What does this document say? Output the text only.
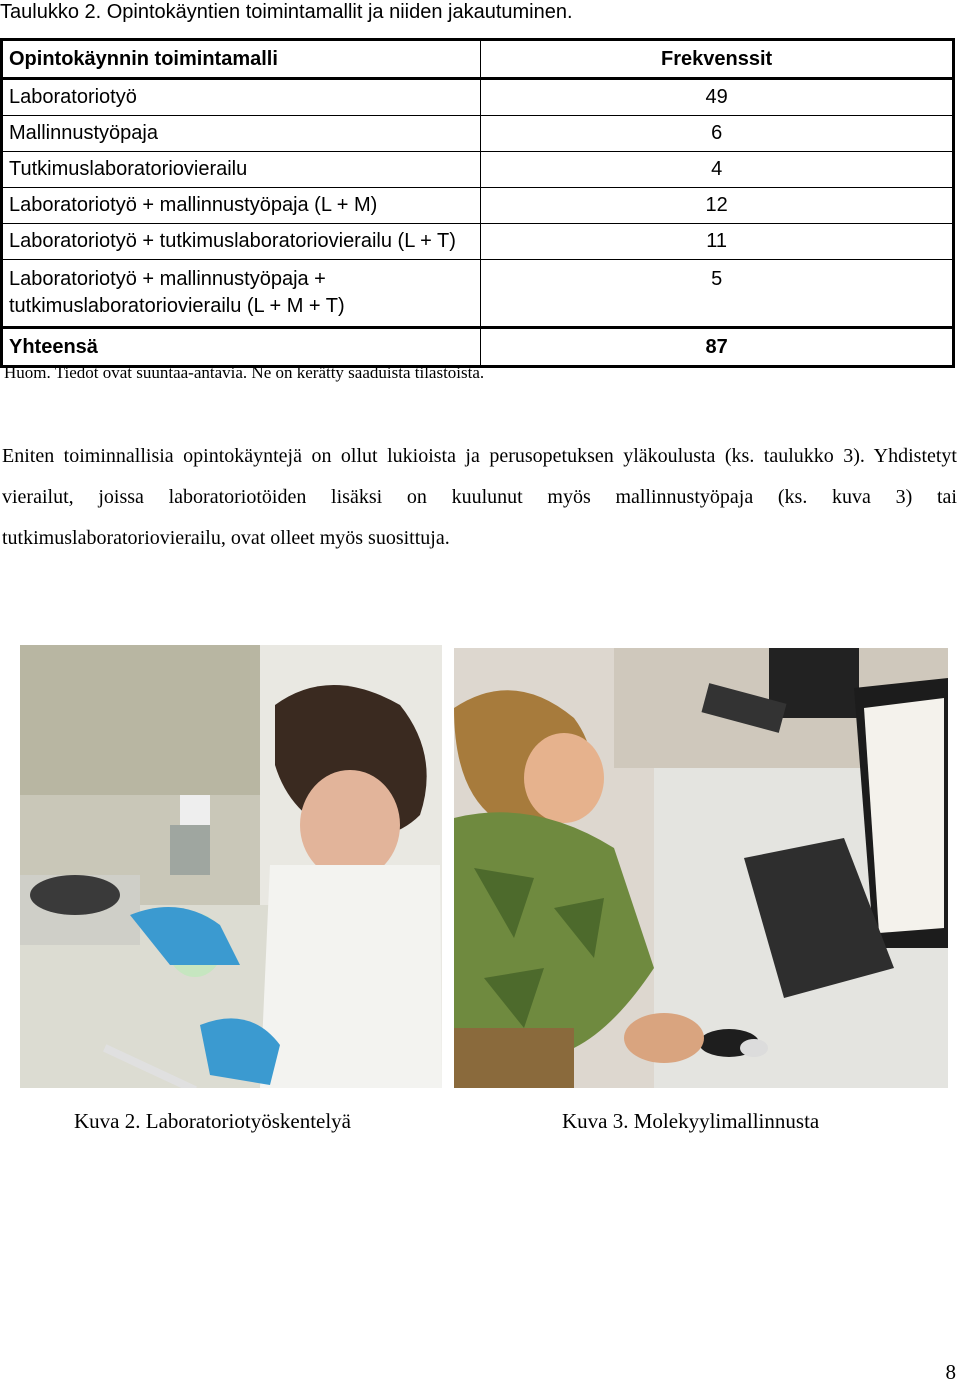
Taulukko 2. Opintokäyntien toimintamallit ja niiden jakautuminen.
Opintokäynnin toimintamalli	Frekvenssit
Laboratoriotyö	49
Mallinnustyöpaja	6
Tutkimuslaboratoriovierailu	4
Laboratoriotyö + mallinnustyöpaja (L + M)	12
Laboratoriotyö + tutkimuslaboratoriovierailu (L + T)	11
Laboratoriotyö + mallinnustyöpaja +
tutkimuslaboratoriovierailu (L + M + T)	5
Yhteensä	87
Huom. Tiedot ovat suuntaa-antavia. Ne on kerätty saaduista tilastoista.
Eniten toiminnallisia opintokäyntejä on ollut lukioista ja perusopetuksen yläkoulusta (ks. taulukko 3). Yhdistetyt vierailut, joissa laboratoriotöiden lisäksi on kuulunut myös mallinnustyöpaja (ks. kuva 3) tai tutkimuslaboratoriovierailu, ovat olleet myös suosittuja.
Kuva 2. Laboratoriotyöskentelyä	Kuva 3. Molekyylimallinnusta
8
